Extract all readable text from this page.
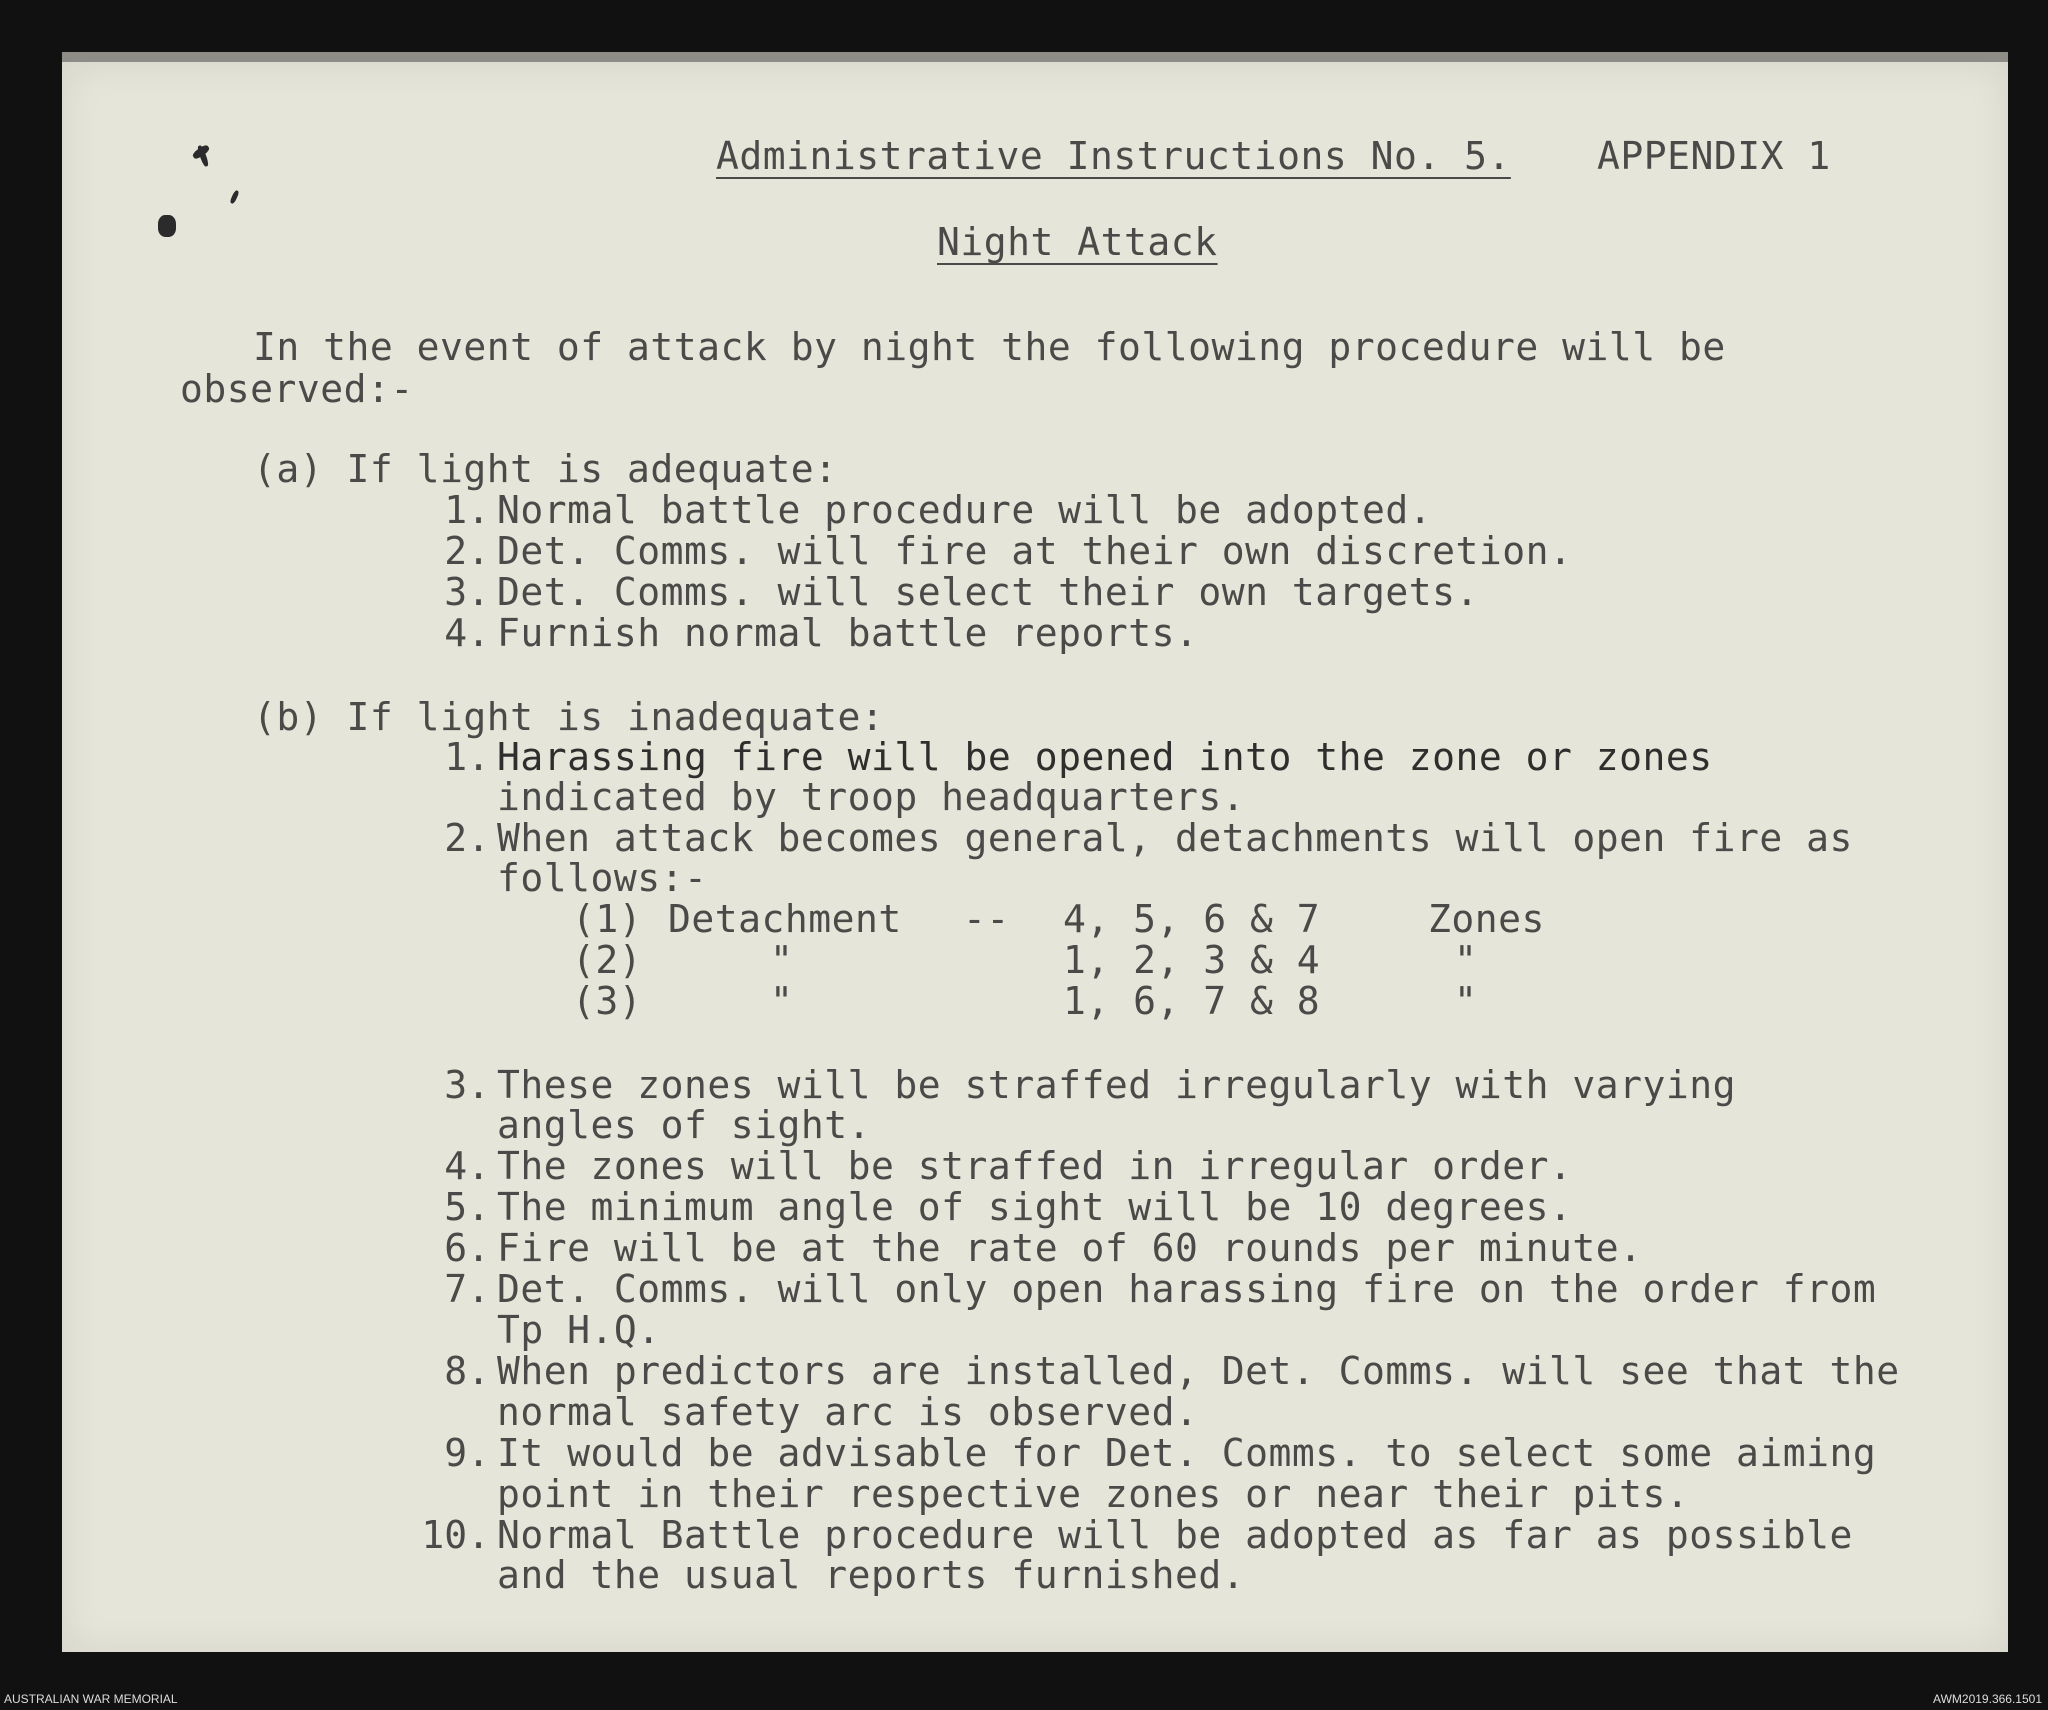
Administrative Instructions No. 5. APPENDIX 1
Night Attack
In the event of attack by night the following procedure will be
observed:-
(a) If light is adequate:
1. Normal battle procedure will be adopted.
2. Det. Comms. will fire at their own discretion.
3. Det. Comms. will select their own targets.
4. Furnish normal battle reports.
(b) If light is inadequate:
1. Harassing fire will be opened into the zone or zones
indicated by troop headquarters.
2. When attack becomes general, detachments will open fire as
follows:-
(1) Detachment -- 4, 5, 6 & 7	Zones
(2)	"	1, 2, 3 & 4	"
(3)	"	1, 6, 7 & 8	"
3. These zones will be straffed irregularly with varying
angles of sight.
4. The zones will be straffed in irregular order.
5. The minimum angle of sight will be 10 degrees.
6. Fire will be at the rate of 60 rounds per minute.
7. Det. Comms. will only open harassing fire on the order from
Tp H.Q.
8. When predictors are installed, Det. Comms. will see that the
normal safety arc is observed.
9. It would be advisable for Det. Comms. to select some aiming
point in their respective zones or near their pits.
10. Normal Battle procedure will be adopted as far as possible
and the usual reports furnished.
AUSTRALIAN WAR MEMORIAL	AWM2019.366.1501
